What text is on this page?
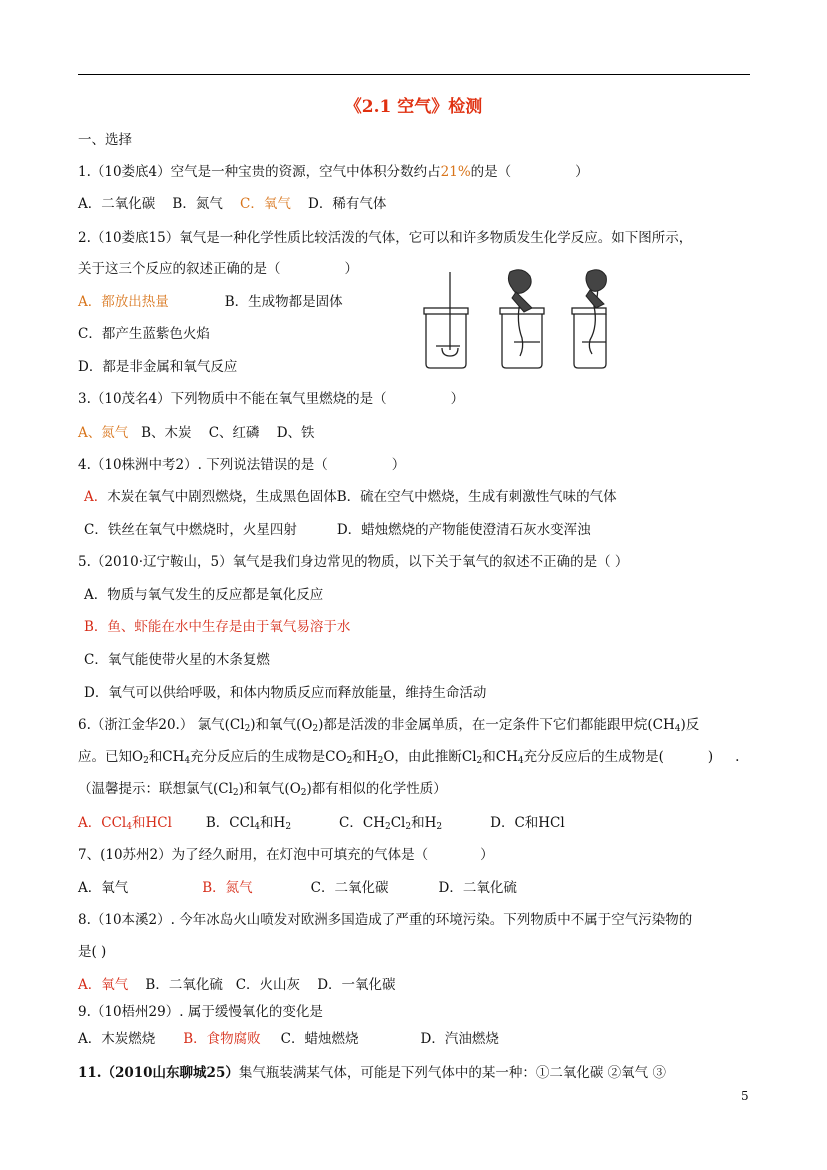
《2.1 空气》检测
一、选择
1.（10娄底4）空气是一种宝贵的资源，空气中体积分数约占21%的是（	）
A．二氧化碳 B．氮气 C．氧气 D．稀有气体
2.（10娄底15）氧气是一种化学性质比较活泼的气体，它可以和许多物质发生化学反应。如下图所示，
关于这三个反应的叙述正确的是（	）
A．都放出热量	B．生成物都是固体
C．都产生蓝紫色火焰
D．都是非金属和氧气反应
3.（10茂名4）下列物质中不能在氧气里燃烧的是（	）
A、氮气 B、木炭 C、红磷 D、铁
4.（10株洲中考2）. 下列说法错误的是（	）
A．木炭在氧气中剧烈燃烧，生成黑色固体B．硫在空气中燃烧，生成有刺激性气味的气体
C．铁丝在氧气中燃烧时，火星四射	D．蜡烛燃烧的产物能使澄清石灰水变浑浊
5.（2010·辽宁鞍山，5）氧气是我们身边常见的物质，以下关于氧气的叙述不正确的是（ ）
A．物质与氧气发生的反应都是氧化反应
B．鱼、虾能在水中生存是由于氧气易溶于水
C．氧气能使带火星的木条复燃
D．氧气可以供给呼吸，和体内物质反应而释放能量，维持生命活动
6.（浙江金华20.） 氯气$(Cl_2)$和氧气$(O_2)$都是活泼的非金属单质，在一定条件下它们都能跟甲烷$(CH_4)$反
应。已知$O_2$和$CH_4$充分反应后的生成物是$CO_2$和$H_2O$，由此推断$Cl_2$和$CH_4$充分反应后的生成物是(	) .
（温馨提示：联想氯气$(Cl_2)$和氧气$(O_2)$都有相似的化学性质）
A．CCl$_4$和HCl	B．CCl$_4$和$H_2$	C．$CH_2Cl_2$和$H_2$	D．C和HCl
7、(10苏州2）为了经久耐用，在灯泡中可填充的气体是（	）
A．氧气	B．氮气	C．二氧化碳	D．二氧化硫
8.（10本溪2）. 今年冰岛火山喷发对欧洲多国造成了严重的环境污染。下列物质中不属于空气污染物的
是( )
A．氧气 B．二氧化硫 C．火山灰 D．一氧化碳
9.（10梧州29）. 属于缓慢氧化的变化是
A．木炭燃烧 B．食物腐败 C．蜡烛燃烧	D．汽油燃烧
11.（2010山东聊城25）集气瓶装满某气体，可能是下列气体中的某一种：①二氧化碳 ②氧气 ③
5
